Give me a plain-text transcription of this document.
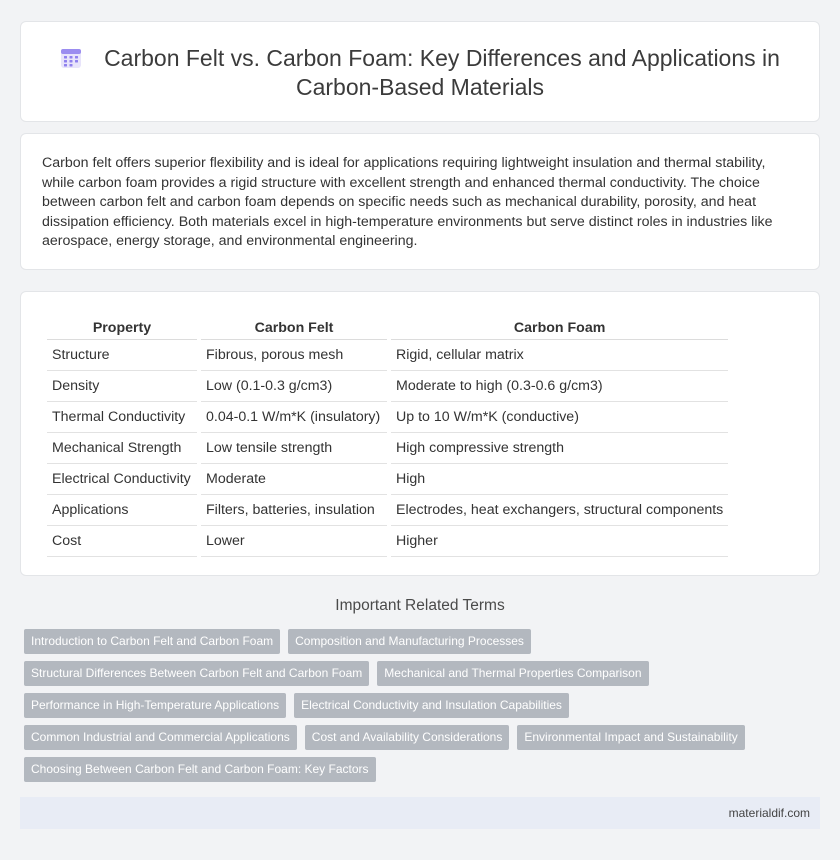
Carbon Felt vs. Carbon Foam: Key Differences and Applications in Carbon-Based Materials

Carbon felt offers superior flexibility and is ideal for applications requiring lightweight insulation and thermal stability, while carbon foam provides a rigid structure with excellent strength and enhanced thermal conductivity. The choice between carbon felt and carbon foam depends on specific needs such as mechanical durability, porosity, and heat dissipation efficiency. Both materials excel in high-temperature environments but serve distinct roles in industries like aerospace, energy storage, and environmental engineering.

Property	Carbon Felt	Carbon Foam
Structure	Fibrous, porous mesh	Rigid, cellular matrix
Density	Low (0.1-0.3 g/cm3)	Moderate to high (0.3-0.6 g/cm3)
Thermal Conductivity	0.04-0.1 W/m*K (insulatory)	Up to 10 W/m*K (conductive)
Mechanical Strength	Low tensile strength	High compressive strength
Electrical Conductivity	Moderate	High
Applications	Filters, batteries, insulation	Electrodes, heat exchangers, structural components
Cost	Lower	Higher
Important Related Terms
Introduction to Carbon Felt and Carbon Foam	Composition and Manufacturing Processes
Structural Differences Between Carbon Felt and Carbon Foam	Mechanical and Thermal Properties Comparison
Performance in High-Temperature Applications	Electrical Conductivity and Insulation Capabilities
Common Industrial and Commercial Applications	Cost and Availability Considerations	Environmental Impact and Sustainability
Choosing Between Carbon Felt and Carbon Foam: Key Factors
materialdif.com
